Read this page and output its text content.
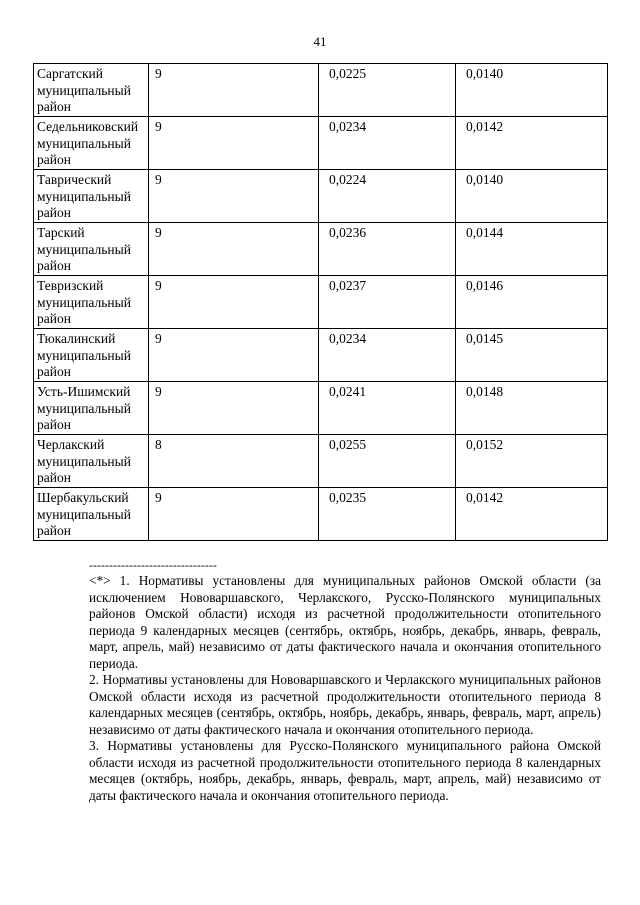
41
Саргатский
муниципальный
район	9	0,0225	0,0140
Седельниковский
муниципальный
район	9	0,0234	0,0142
Таврический
муниципальный
район	9	0,0224	0,0140
Тарский
муниципальный
район	9	0,0236	0,0144
Тевризский
муниципальный
район	9	0,0237	0,0146
Тюкалинский
муниципальный
район	9	0,0234	0,0145
Усть-Ишимский
муниципальный
район	9	0,0241	0,0148
Черлакский
муниципальный
район	8	0,0255	0,0152
Шербакульский
муниципальный
район	9	0,0235	0,0142
--------------------------------

<*> 1. Нормативы установлены для муниципальных районов Омской области (за исключением Нововаршавского, Черлакского, Русско-Полянского муниципальных районов Омской области) исходя из расчетной продолжительности отопительного периода 9 календарных месяцев (сентябрь, октябрь, ноябрь, декабрь, январь, февраль, март, апрель, май) независимо от даты фактического начала и окончания отопительного периода.

2. Нормативы установлены для Нововаршавского и Черлакского муниципальных районов Омской области исходя из расчетной продолжительности отопительного периода 8 календарных месяцев (сентябрь, октябрь, ноябрь, декабрь, январь, февраль, март, апрель) независимо от даты фактического начала и окончания отопительного периода.

3. Нормативы установлены для Русско-Полянского муниципального района Омской области исходя из расчетной продолжительности отопительного периода 8 календарных месяцев (октябрь, ноябрь, декабрь, январь, февраль, март, апрель, май) независимо от даты фактического начала и окончания отопительного периода.
